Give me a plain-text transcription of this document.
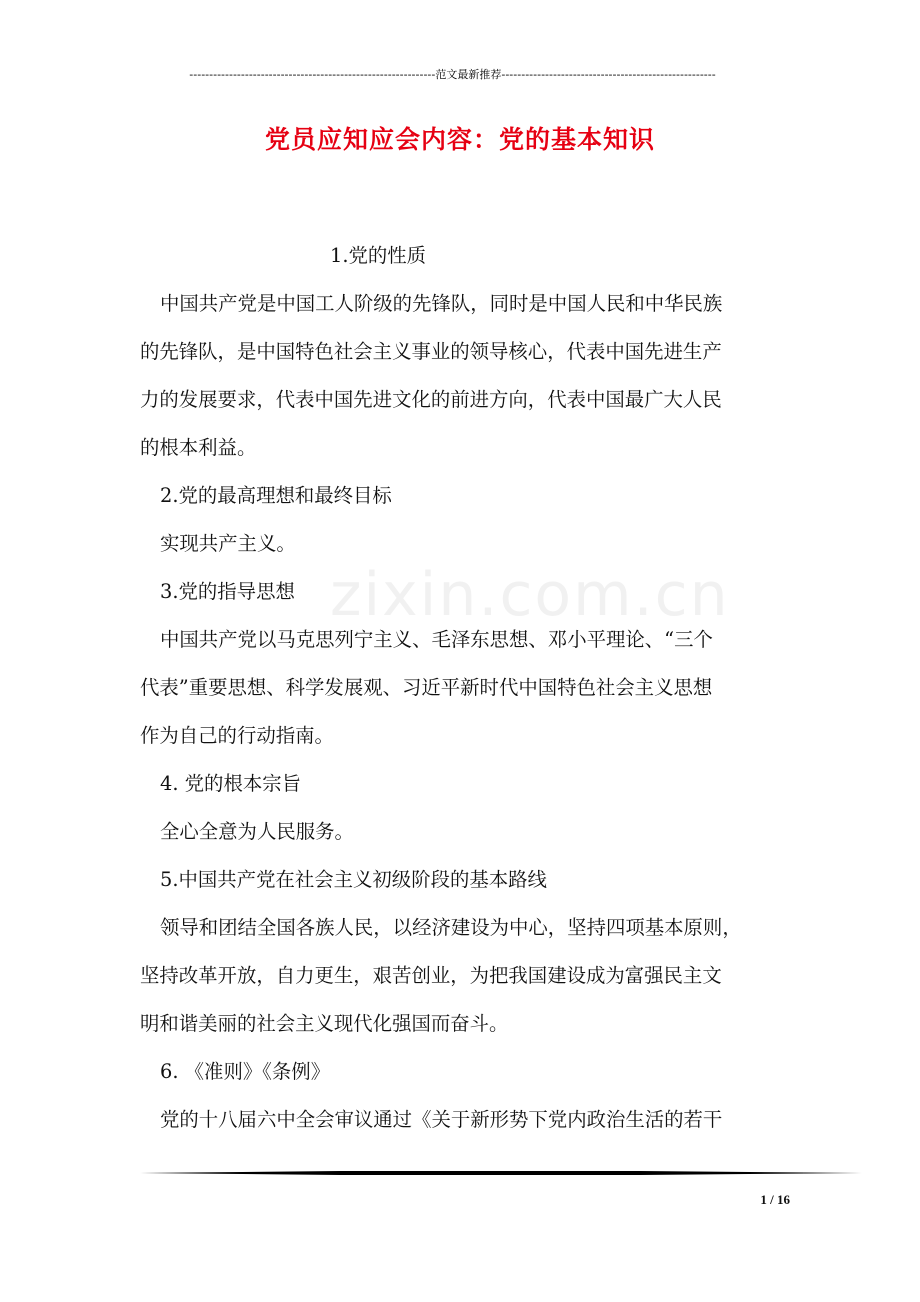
--------------------------------------------------------------范文最新推荐------------------------------------------------------
党员应知应会内容：党的基本知识
zixin.com.cn
1.党的性质
中国共产党是中国工人阶级的先锋队，同时是中国人民和中华民族
的先锋队，是中国特色社会主义事业的领导核心，代表中国先进生产
力的发展要求，代表中国先进文化的前进方向，代表中国最广大人民
的根本利益。
2.党的最高理想和最终目标
实现共产主义。
3.党的指导思想
中国共产党以马克思列宁主义、毛泽东思想、邓小平理论、“三个
代表”重要思想、科学发展观、习近平新时代中国特色社会主义思想
作为自己的行动指南。
4. 党的根本宗旨
全心全意为人民服务。
5.中国共产党在社会主义初级阶段的基本路线
领导和团结全国各族人民，以经济建设为中心，坚持四项基本原则，
坚持改革开放，自力更生，艰苦创业，为把我国建设成为富强民主文
明和谐美丽的社会主义现代化强国而奋斗。
6. 《准则》《条例》
党的十八届六中全会审议通过《关于新形势下党内政治生活的若干
1 / 16
